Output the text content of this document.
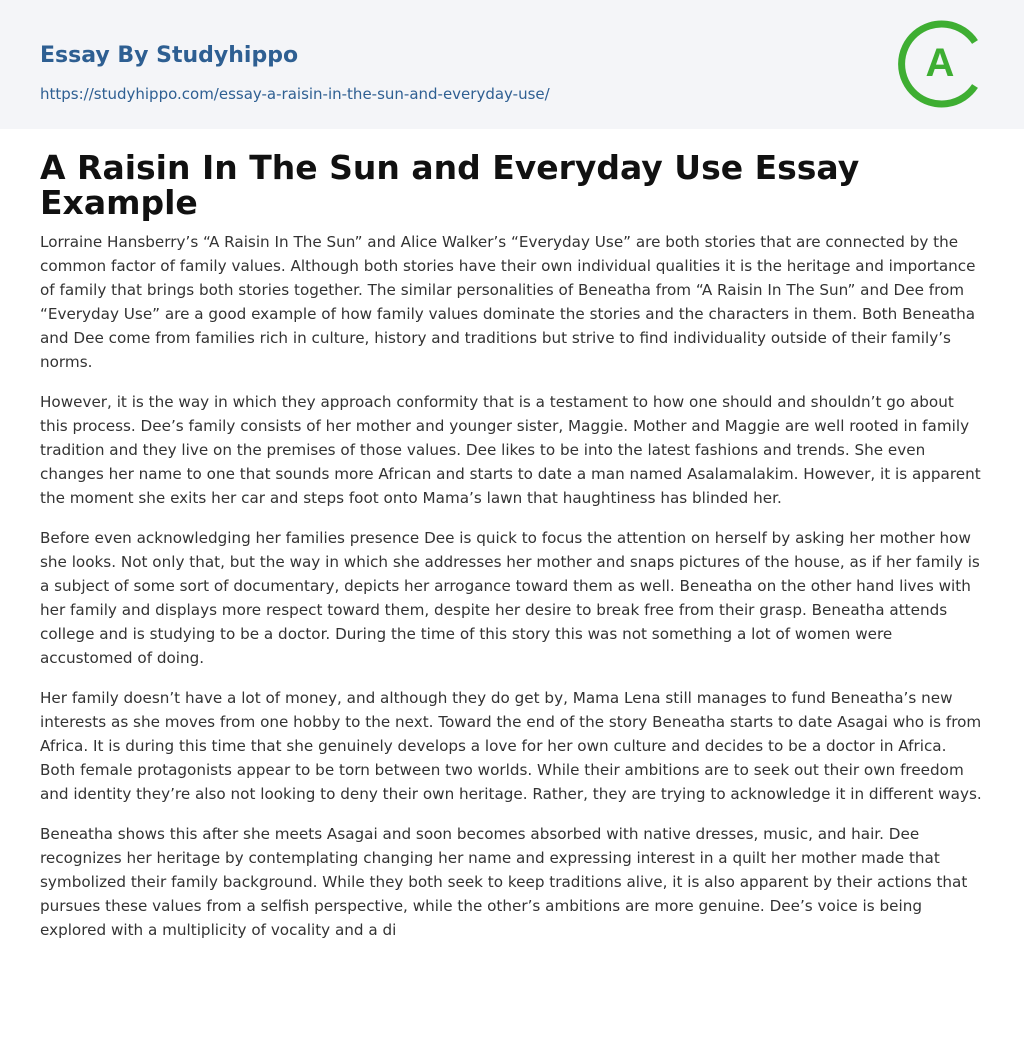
Essay By Studyhippo
https://studyhippo.com/essay-a-raisin-in-the-sun-and-everyday-use/
A
A Raisin In The Sun and Everyday Use Essay Example

Lorraine Hansberry’s “A Raisin In The Sun” and Alice Walker’s “Everyday Use” are both stories that are connected by the common factor of family values. Although both stories have their own individual qualities it is the heritage and importance of family that brings both stories together. The similar personalities of Beneatha from “A Raisin In The Sun” and Dee from “Everyday Use” are a good example of how family values dominate the stories and the characters in them. Both Beneatha and Dee come from families rich in culture, history and traditions but strive to find individuality outside of their family’s norms.

However, it is the way in which they approach conformity that is a testament to how one should and shouldn’t go about this process. Dee’s family consists of her mother and younger sister, Maggie. Mother and Maggie are well rooted in family tradition and they live on the premises of those values. Dee likes to be into the latest fashions and trends. She even changes her name to one that sounds more African and starts to date a man named Asalamalakim. However, it is apparent the moment she exits her car and steps foot onto Mama’s lawn that haughtiness has blinded her.

Before even acknowledging her families presence Dee is quick to focus the attention on herself by asking her mother how she looks. Not only that, but the way in which she addresses her mother and snaps pictures of the house, as if her family is a subject of some sort of documentary, depicts her arrogance toward them as well. Beneatha on the other hand lives with her family and displays more respect toward them, despite her desire to break free from their grasp. Beneatha attends college and is studying to be a doctor. During the time of this story this was not something a lot of women were accustomed of doing.

Her family doesn’t have a lot of money, and although they do get by, Mama Lena still manages to fund Beneatha’s new interests as she moves from one hobby to the next. Toward the end of the story Beneatha starts to date Asagai who is from Africa. It is during this time that she genuinely develops a love for her own culture and decides to be a doctor in Africa. Both female protagonists appear to be torn between two worlds. While their ambitions are to seek out their own freedom and identity they’re also not looking to deny their own heritage. Rather, they are trying to acknowledge it in different ways.

Beneatha shows this after she meets Asagai and soon becomes absorbed with native dresses, music, and hair. Dee recognizes her heritage by contemplating changing her name and expressing interest in a quilt her mother made that symbolized their family background. While they both seek to keep traditions alive, it is also apparent by their actions that pursues these values from a selfish perspective, while the other’s ambitions are more genuine. Dee’s voice is being explored with a multiplicity of vocality and a di
